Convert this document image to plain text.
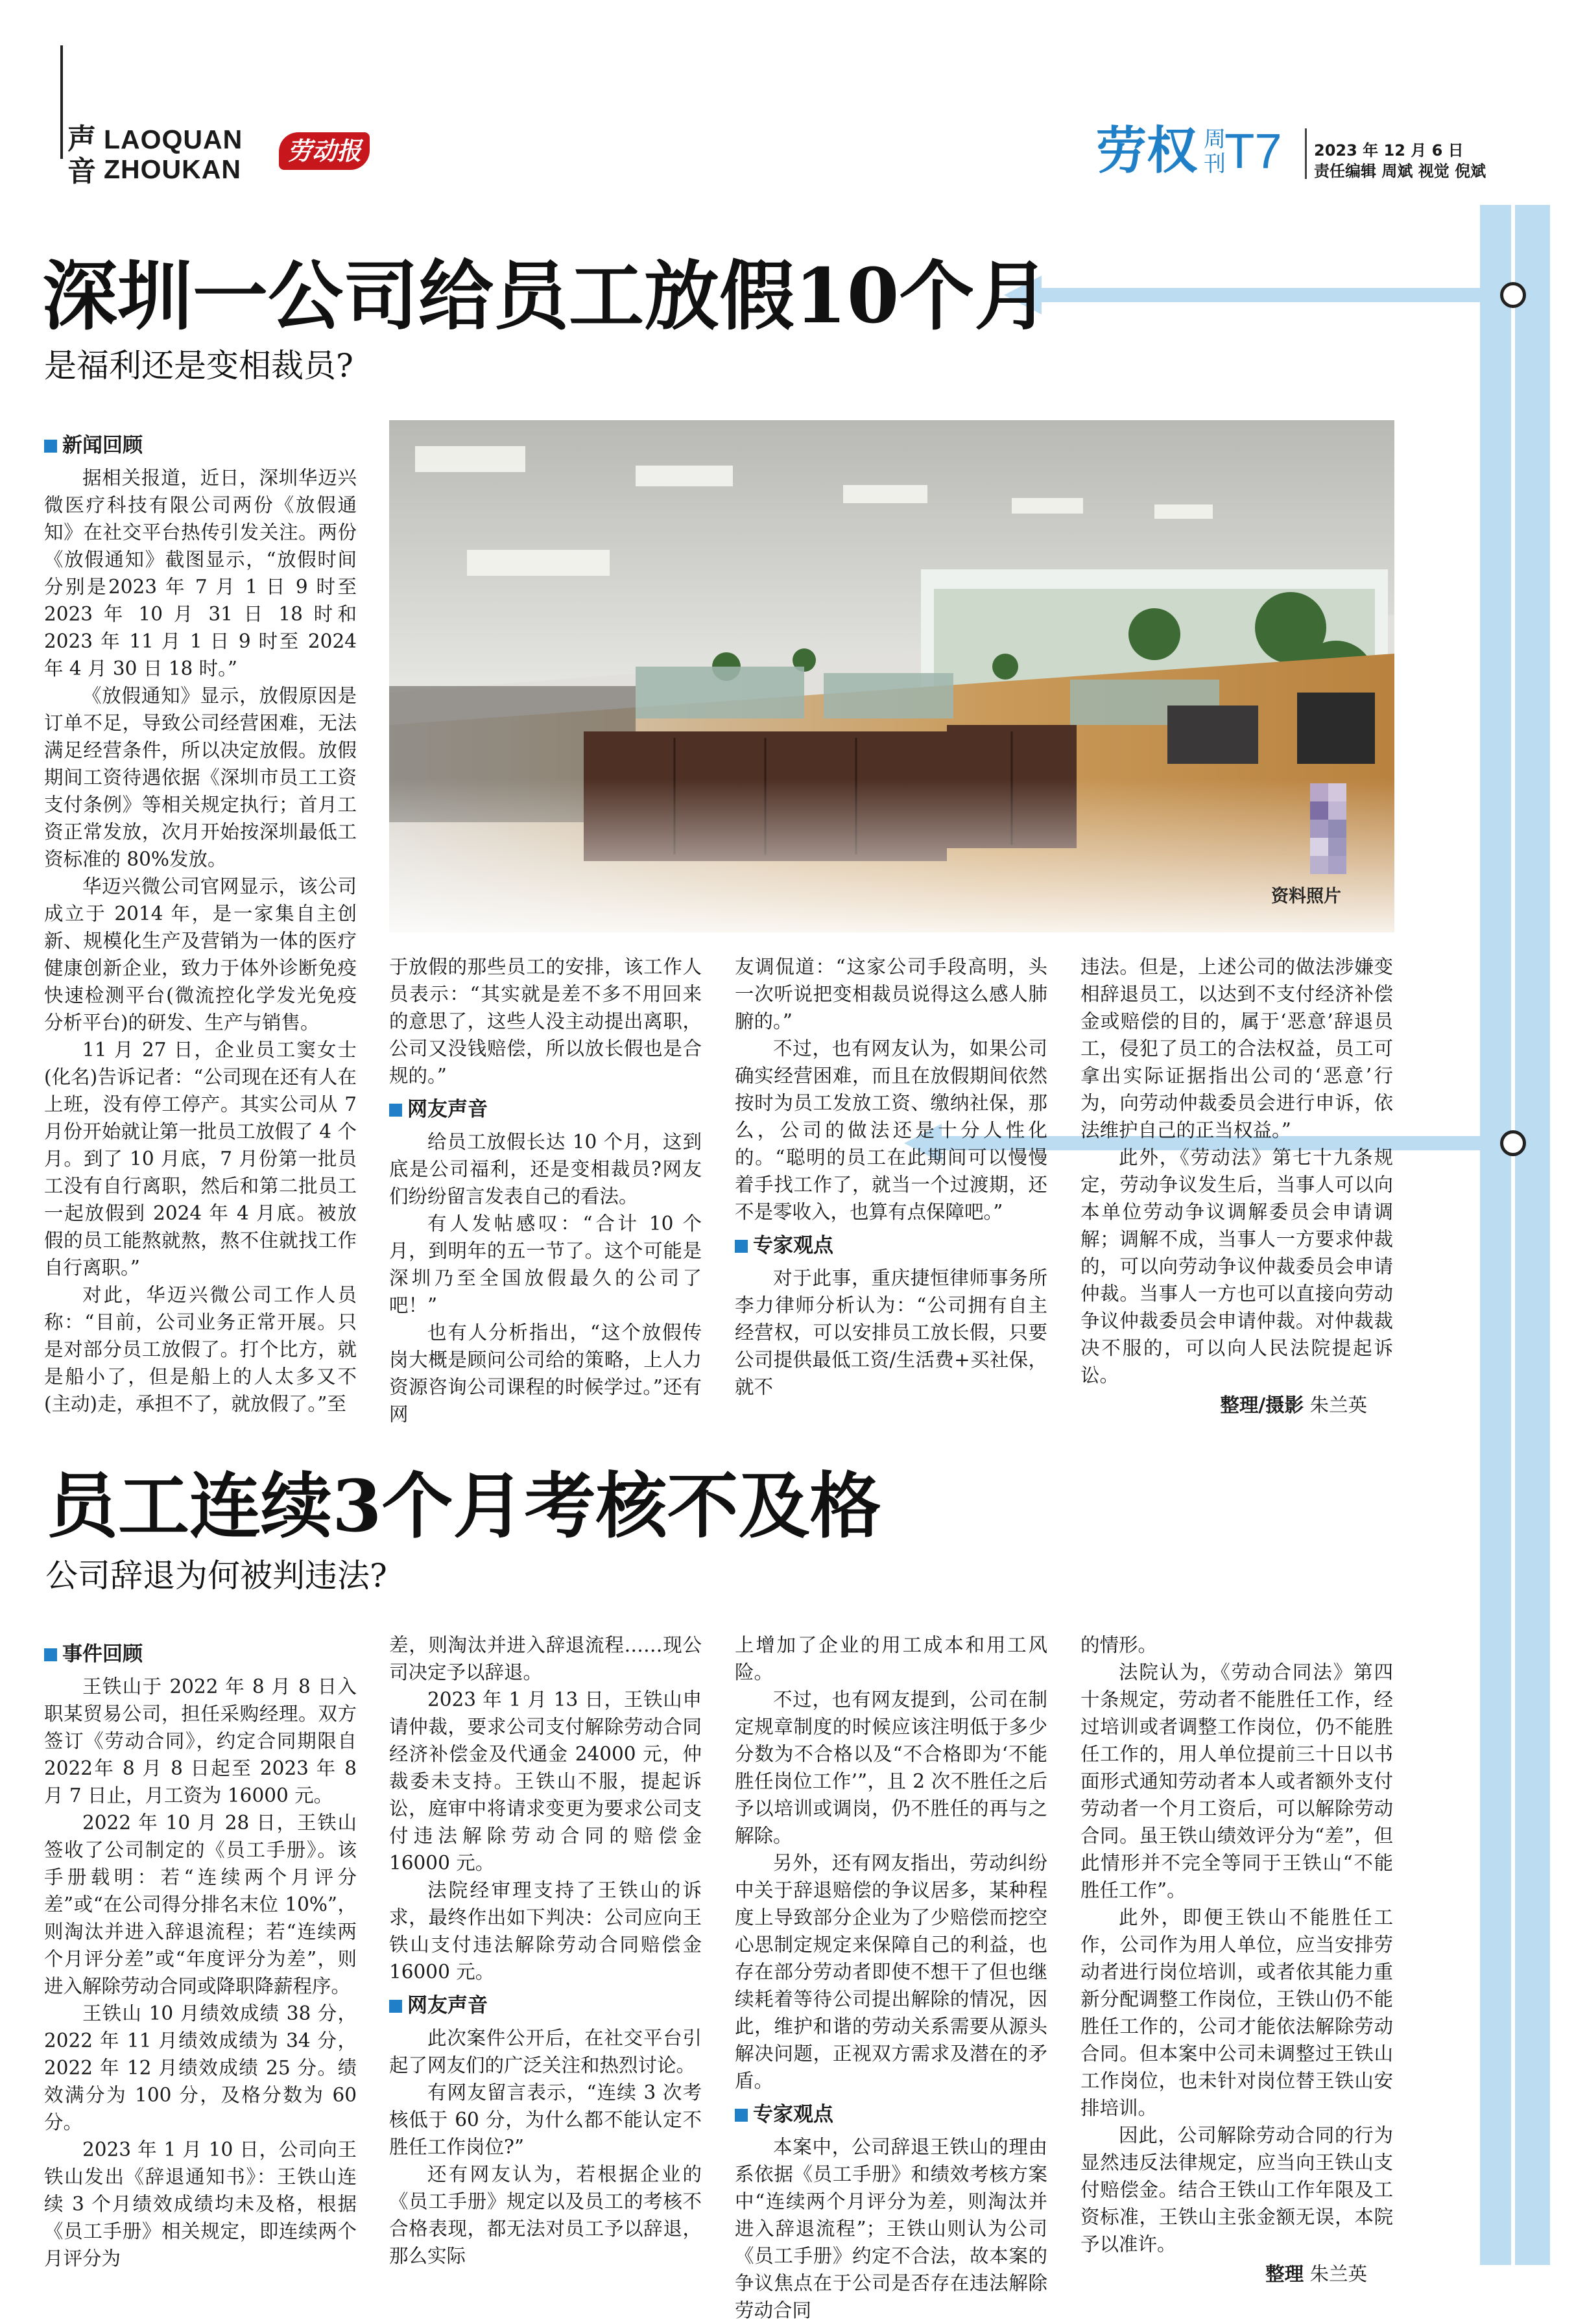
声
音
LAOQUAN
ZHOUKAN
劳动报	劳权 周刊
T7 2023 年 12 月 6 日
责任编辑 周斌 视觉 倪斌
深圳一公司给员工放假10个月
是福利还是变相裁员?
资料照片
新闻回顾

据相关报道，近日，深圳华迈兴微医疗科技有限公司两份《放假通知》在社交平台热传引发关注。两份《放假通知》截图显示，“放假时间分别是2023 年 7 月 1 日 9 时至 2023 年 10 月 31 日 18 时和 2023 年 11 月 1 日 9 时至 2024 年 4 月 30 日 18 时。”

《放假通知》显示，放假原因是订单不足，导致公司经营困难，无法满足经营条件，所以决定放假。放假期间工资待遇依据《深圳市员工工资支付条例》等相关规定执行；首月工资正常发放，次月开始按深圳最低工资标准的 80%发放。

华迈兴微公司官网显示，该公司成立于 2014 年，是一家集自主创新、规模化生产及营销为一体的医疗健康创新企业，致力于体外诊断免疫快速检测平台(微流控化学发光免疫分析平台)的研发、生产与销售。

11 月 27 日，企业员工窦女士(化名)告诉记者：“公司现在还有人在上班，没有停工停产。其实公司从 7 月份开始就让第一批员工放假了 4 个月。到了 10 月底，7 月份第一批员工没有自行离职，然后和第二批员工一起放假到 2024 年 4 月底。被放假的员工能熬就熬，熬不住就找工作自行离职。”

对此，华迈兴微公司工作人员称：“目前，公司业务正常开展。只是对部分员工放假了。打个比方，就是船小了，但是船上的人太多又不(主动)走，承担不了，就放假了。”至

于放假的那些员工的安排，该工作人员表示：“其实就是差不多不用回来的意思了，这些人没主动提出离职，公司又没钱赔偿，所以放长假也是合规的。”

网友声音

给员工放假长达 10 个月，这到底是公司福利，还是变相裁员?网友们纷纷留言发表自己的看法。

有人发帖感叹：“合计 10 个月，到明年的五一节了。这个可能是深圳乃至全国放假最久的公司了吧！”

也有人分析指出，“这个放假传岗大概是顾问公司给的策略，上人力资源咨询公司课程的时候学过。”还有网

友调侃道：“这家公司手段高明，头一次听说把变相裁员说得这么感人肺腑的。”

不过，也有网友认为，如果公司确实经营困难，而且在放假期间依然按时为员工发放工资、缴纳社保，那么，公司的做法还是十分人性化的。“聪明的员工在此期间可以慢慢着手找工作了，就当一个过渡期，还不是零收入，也算有点保障吧。”

专家观点

对于此事，重庆捷恒律师事务所李力律师分析认为：“公司拥有自主经营权，可以安排员工放长假，只要公司提供最低工资/生活费+买社保，就不

违法。但是，上述公司的做法涉嫌变相辞退员工，以达到不支付经济补偿金或赔偿的目的，属于‘恶意’辞退员工，侵犯了员工的合法权益，员工可拿出实际证据指出公司的‘恶意’行为，向劳动仲裁委员会进行申诉，依法维护自己的正当权益。”

此外，《劳动法》第七十九条规定，劳动争议发生后，当事人可以向本单位劳动争议调解委员会申请调解；调解不成，当事人一方要求仲裁的，可以向劳动争议仲裁委员会申请仲裁。当事人一方也可以直接向劳动争议仲裁委员会申请仲裁。对仲裁裁决不服的，可以向人民法院提起诉讼。

整理/摄影 朱兰英

员工连续3个月考核不及格
公司辞退为何被判违法?
事件回顾

王铁山于 2022 年 8 月 8 日入职某贸易公司，担任采购经理。双方签订《劳动合同》，约定合同期限自 2022年 8 月 8 日起至 2023 年 8 月 7 日止，月工资为 16000 元。

2022 年 10 月 28 日，王铁山签收了公司制定的《员工手册》。该手册载明：若“连续两个月评分差”或“在公司得分排名末位 10%”，则淘汰并进入辞退流程；若“连续两个月评分差”或“年度评分为差”，则进入解除劳动合同或降职降薪程序。

王铁山 10 月绩效成绩 38 分，2022 年 11 月绩效成绩为 34 分，2022 年 12 月绩效成绩 25 分。绩效满分为 100 分，及格分数为 60 分。

2023 年 1 月 10 日，公司向王铁山发出《辞退通知书》：王铁山连续 3 个月绩效成绩均未及格，根据《员工手册》相关规定，即连续两个月评分为

差，则淘汰并进入辞退流程……现公司决定予以辞退。

2023 年 1 月 13 日，王铁山申请仲裁，要求公司支付解除劳动合同经济补偿金及代通金 24000 元，仲裁委未支持。王铁山不服，提起诉讼，庭审中将请求变更为要求公司支付违法解除劳动合同的赔偿金 16000 元。

法院经审理支持了王铁山的诉求，最终作出如下判决：公司应向王铁山支付违法解除劳动合同赔偿金16000 元。

网友声音

此次案件公开后，在社交平台引起了网友们的广泛关注和热烈讨论。

有网友留言表示，“连续 3 次考核低于 60 分，为什么都不能认定不胜任工作岗位?”

还有网友认为，若根据企业的《员工手册》规定以及员工的考核不合格表现，都无法对员工予以辞退，那么实际

上增加了企业的用工成本和用工风险。

不过，也有网友提到，公司在制定规章制度的时候应该注明低于多少分数为不合格以及“不合格即为‘不能胜任岗位工作’”，且 2 次不胜任之后予以培训或调岗，仍不胜任的再与之解除。

另外，还有网友指出，劳动纠纷中关于辞退赔偿的争议居多，某种程度上导致部分企业为了少赔偿而挖空心思制定规定来保障自己的利益，也存在部分劳动者即使不想干了但也继续耗着等待公司提出解除的情况，因此，维护和谐的劳动关系需要从源头解决问题，正视双方需求及潜在的矛盾。

专家观点

本案中，公司辞退王铁山的理由系依据《员工手册》和绩效考核方案中“连续两个月评分为差，则淘汰并进入辞退流程”；王铁山则认为公司《员工手册》约定不合法，故本案的争议焦点在于公司是否存在违法解除劳动合同

的情形。

法院认为，《劳动合同法》第四十条规定，劳动者不能胜任工作，经过培训或者调整工作岗位，仍不能胜任工作的，用人单位提前三十日以书面形式通知劳动者本人或者额外支付劳动者一个月工资后，可以解除劳动合同。虽王铁山绩效评分为“差”，但此情形并不完全等同于王铁山“不能胜任工作”。

此外，即便王铁山不能胜任工作，公司作为用人单位，应当安排劳动者进行岗位培训，或者依其能力重新分配调整工作岗位，王铁山仍不能胜任工作的，公司才能依法解除劳动合同。但本案中公司未调整过王铁山工作岗位，也未针对岗位替王铁山安排培训。

因此，公司解除劳动合同的行为显然违反法律规定，应当向王铁山支付赔偿金。结合王铁山工作年限及工资标准，王铁山主张金额无误，本院予以准许。

整理 朱兰英
